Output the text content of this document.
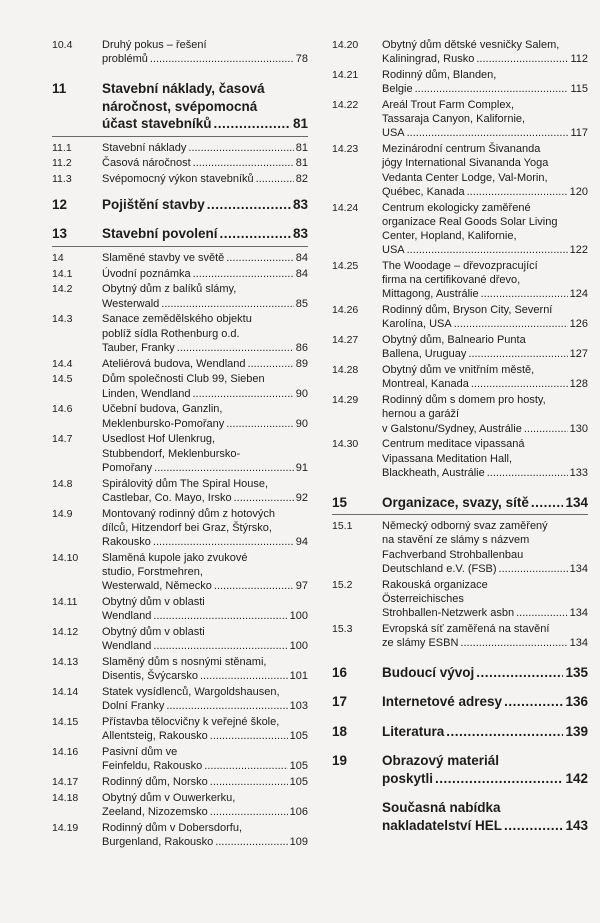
10.4	Druhý pokus – řešení
problémů .....	78
11	Stavební náklady, časová
náročnost, svépomocná
účast stavebníků .....	81
11.1	Stavební náklady .....	81
11.2	Časová náročnost .....	81
11.3	Svépomocný výkon stavebníků .....	82
12	Pojištění stavby .....	83
13	Stavební povolení .....	83
14	Slaměné stavby ve světě .....	84
14.1	Úvodní poznámka .....	84
14.2	Obytný dům z balíků slámy,
Westerwald .....	85
14.3	Sanace zemědělského objektu
poblíž sídla Rothenburg o.d.
Tauber, Franky .....	86
14.4	Ateliérová budova, Wendland .....	89
14.5	Dům společnosti Club 99, Sieben
Linden, Wendland .....	90
14.6	Učební budova, Ganzlin,
Meklenbursko-Pomořany .....	90
14.7	Usedlost Hof Ulenkrug,
Stubbendorf, Meklenbursko-
Pomořany .....	91
14.8	Spirálovitý dům The Spiral House,
Castlebar, Co. Mayo, Irsko .....	92
14.9	Montovaný rodinný dům z hotových
dílců, Hitzendorf bei Graz, Štýrsko,
Rakousko .....	94
14.10	Slaměná kupole jako zvukové
studio, Forstmehren,
Westerwald, Německo .....	97
14.11	Obytný dům v oblasti
Wendland .....	100
14.12	Obytný dům v oblasti
Wendland .....	100
14.13	Slaměný dům s nosnými stěnami,
Disentis, Švýcarsko .....	101
14.14	Statek vysídlenců, Wargoldshausen,
Dolní Franky .....	103
14.15	Přístavba tělocvičny k veřejné škole,
Allentsteig, Rakousko .....	105
14.16	Pasivní dům ve
Feinfeldu, Rakousko .....	105
14.17	Rodinný dům, Norsko .....	105
14.18	Obytný dům v Ouwerkerku,
Zeeland, Nizozemsko .....	106
14.19	Rodinný dům v Dobersdorfu,
Burgenland, Rakousko .....	109
14.20	Obytný dům dětské vesničky Salem,
Kaliningrad, Rusko .....	112
14.21	Rodinný dům, Blanden,
Belgie .....	115
14.22	Areál Trout Farm Complex,
Tassaraja Canyon, Kalifornie,
USA .....	117
14.23	Mezinárodní centrum Šivananda
jógy International Sivananda Yoga
Vedanta Center Lodge, Val-Morin,
Québec, Kanada .....	120
14.24	Centrum ekologicky zaměřené
organizace Real Goods Solar Living
Center, Hopland, Kalifornie,
USA .....	122
14.25	The Woodage – dřevozpracující
firma na certifikované dřevo,
Mittagong, Austrálie .....	124
14.26	Rodinný dům, Bryson City, Severní
Karolína, USA .....	126
14.27	Obytný dům, Balneario Punta
Ballena, Uruguay .....	127
14.28	Obytný dům ve vnitřním městě,
Montreal, Kanada .....	128
14.29	Rodinný dům s domem pro hosty,
hernou a garáží
v Galstonu/Sydney, Austrálie .....	130
14.30	Centrum meditace vipassaná
Vipassana Meditation Hall,
Blackheath, Austrálie .....	133
15	Organizace, svazy, sítě .....	134
15.1	Německý odborný svaz zaměřený
na stavění ze slámy s názvem
Fachverband Strohballenbau
Deutschland e.V. (FSB) .....	134
15.2	Rakouská organizace
Österreichisches
Strohballen-Netzwerk asbn .....	134
15.3	Evropská síť zaměřená na stavění
ze slámy ESBN .....	134
16	Budoucí vývoj .....	135
17	Internetové adresy .....	136
18	Literatura .....	139
19	Obrazový materiál
poskytli .....	142
Současná nabídka
nakladatelství HEL .....	143
